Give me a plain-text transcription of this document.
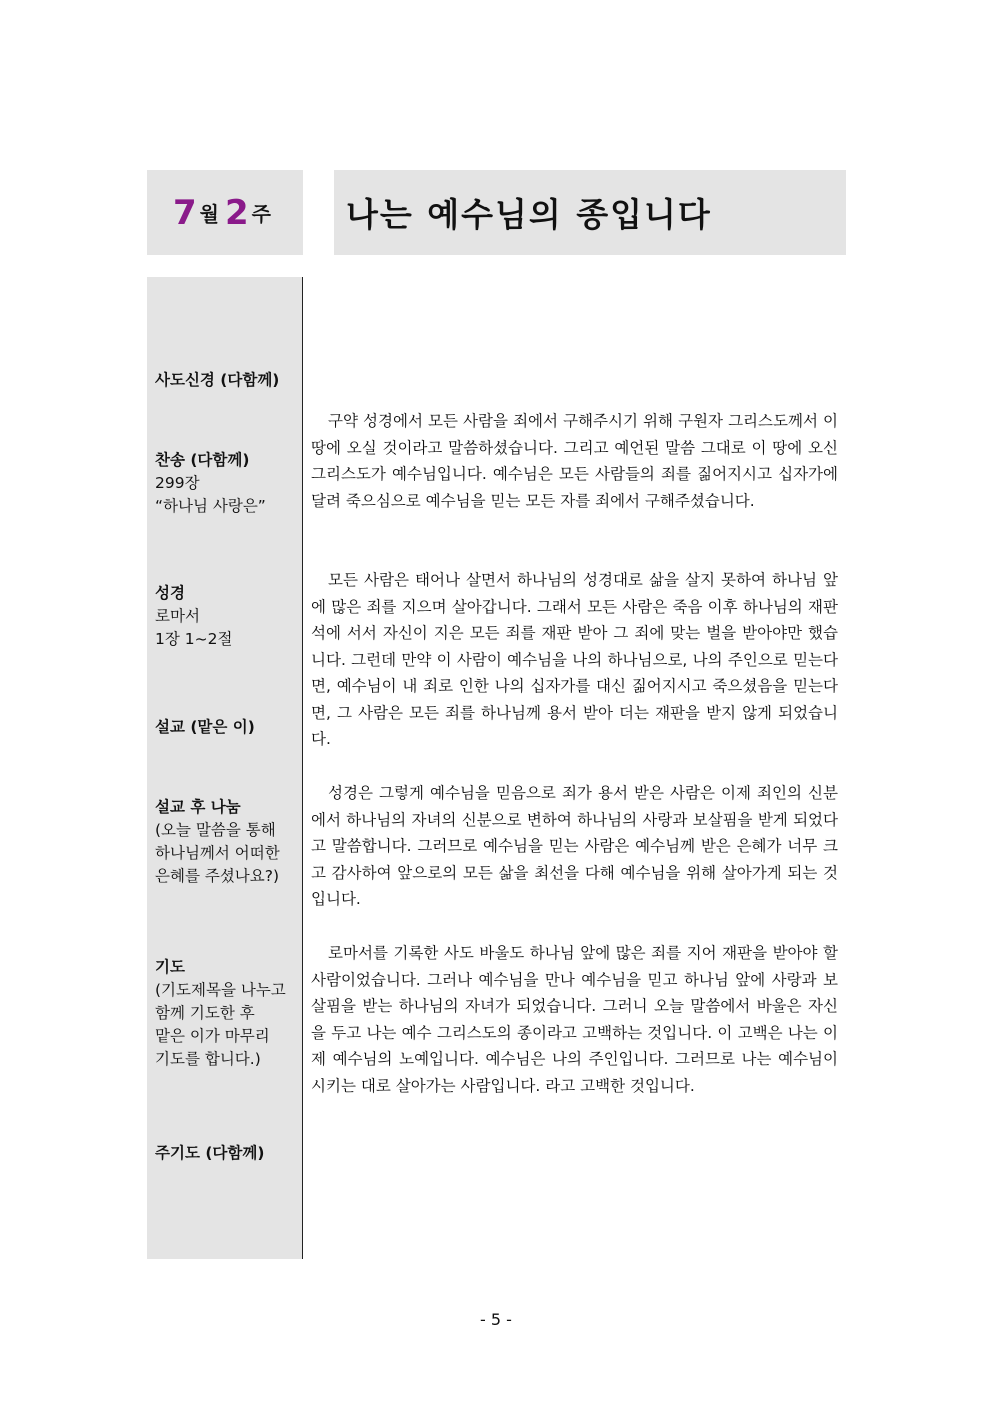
7 월 2 주 나는 예수님의 종입니다
사도신경 (다함께)
찬송 (다함께)
299장
“하나님 사랑은”
성경
로마서
1장 1~2절
설교 (맡은 이)
설교 후 나눔
(오늘 말씀을 통해
하나님께서 어떠한
은혜를 주셨나요?)
기도
(기도제목을 나누고
함께 기도한 후
맡은 이가 마무리
기도를 합니다.)
주기도 (다함께)

구약 성경에서 모든 사람을 죄에서 구해주시기 위해 구원자 그리스도께서 이 땅에 오실 것이라고 말씀하셨습니다. 그리고 예언된 말씀 그대로 이 땅에 오신 그리스도가 예수님입니다. 예수님은 모든 사람들의 죄를 짊어지시고 십자가에 달려 죽으심으로 예수님을 믿는 모든 자를 죄에서 구해주셨습니다.

모든 사람은 태어나 살면서 하나님의 성경대로 삶을 살지 못하여 하나님 앞에 많은 죄를 지으며 살아갑니다. 그래서 모든 사람은 죽음 이후 하나님의 재판 석에 서서 자신이 지은 모든 죄를 재판 받아 그 죄에 맞는 벌을 받아야만 했습니다. 그런데 만약 이 사람이 예수님을 나의 하나님으로, 나의 주인으로 믿는다면, 예수님이 내 죄로 인한 나의 십자가를 대신 짊어지시고 죽으셨음을 믿는다면, 그 사람은 모든 죄를 하나님께 용서 받아 더는 재판을 받지 않게 되었습니다.

성경은 그렇게 예수님을 믿음으로 죄가 용서 받은 사람은 이제 죄인의 신분에서 하나님의 자녀의 신분으로 변하여 하나님의 사랑과 보살핌을 받게 되었다고 말씀합니다. 그러므로 예수님을 믿는 사람은 예수님께 받은 은혜가 너무 크고 감사하여 앞으로의 모든 삶을 최선을 다해 예수님을 위해 살아가게 되는 것입니다.

로마서를 기록한 사도 바울도 하나님 앞에 많은 죄를 지어 재판을 받아야 할 사람이었습니다. 그러나 예수님을 만나 예수님을 믿고 하나님 앞에 사랑과 보살핌을 받는 하나님의 자녀가 되었습니다. 그러니 오늘 말씀에서 바울은 자신을 두고 나는 예수 그리스도의 종이라고 고백하는 것입니다. 이 고백은 나는 이제 예수님의 노예입니다. 예수님은 나의 주인입니다. 그러므로 나는 예수님이 시키는 대로 살아가는 사람입니다. 라고 고백한 것입니다.

- 5 -
